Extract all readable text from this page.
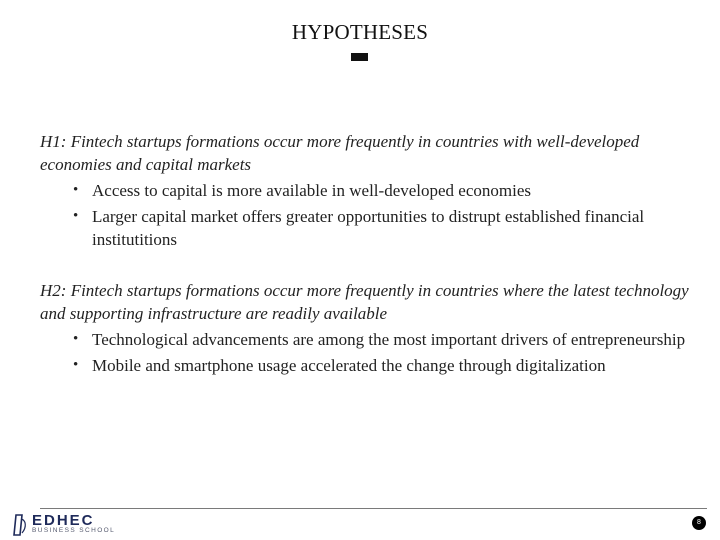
HYPOTHESES

H1: Fintech startups formations occur more frequently in countries with well-developed economies and capital markets

• Access to capital is more available in well-developed economies
• Larger capital market offers greater opportunities to distrupt established financial institutitions

H2: Fintech startups formations occur more frequently in countries where the latest technology and supporting infrastructure are readily available

• Technological advancements are among the most important drivers of entrepreneurship
• Mobile and smartphone usage accelerated the change through digitalization
EDHEC
BUSINESS SCHOOL
8
